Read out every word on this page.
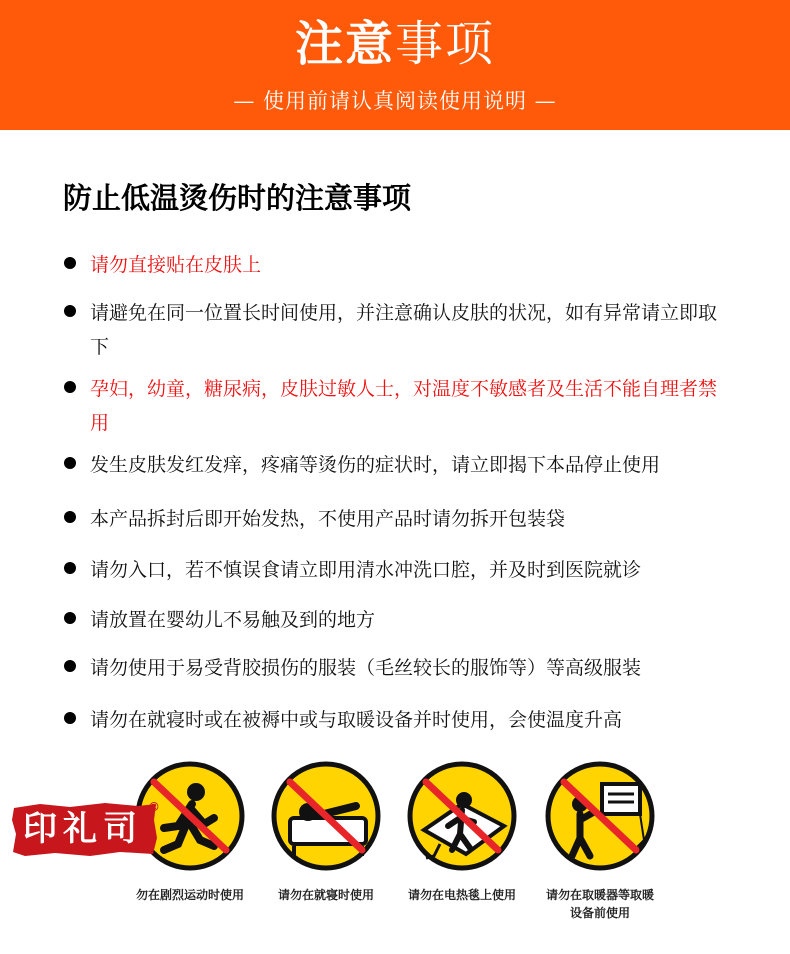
注意事项
— 使用前请认真阅读使用说明 —
防止低温烫伤时的注意事项
请勿直接贴在皮肤上
请避免在同一位置长时间使用，并注意确认皮肤的状况，如有异常请立即取下
孕妇，幼童，糖尿病，皮肤过敏人士，对温度不敏感者及生活不能自理者禁用
发生皮肤发红发痒，疼痛等烫伤的症状时，请立即揭下本品停止使用
本产品拆封后即开始发热，不使用产品时请勿拆开包装袋
请勿入口，若不慎误食请立即用清水冲洗口腔，并及时到医院就诊
请放置在婴幼儿不易触及到的地方
请勿使用于易受背胶损伤的服装（毛丝较长的服饰等）等高级服装
请勿在就寝时或在被褥中或与取暖设备并时使用，会使温度升高
勿在剧烈运动时使用	请勿在就寝时使用	请勿在电热毯上使用	请勿在取暖器等取暖设备前使用
印礼司
®
